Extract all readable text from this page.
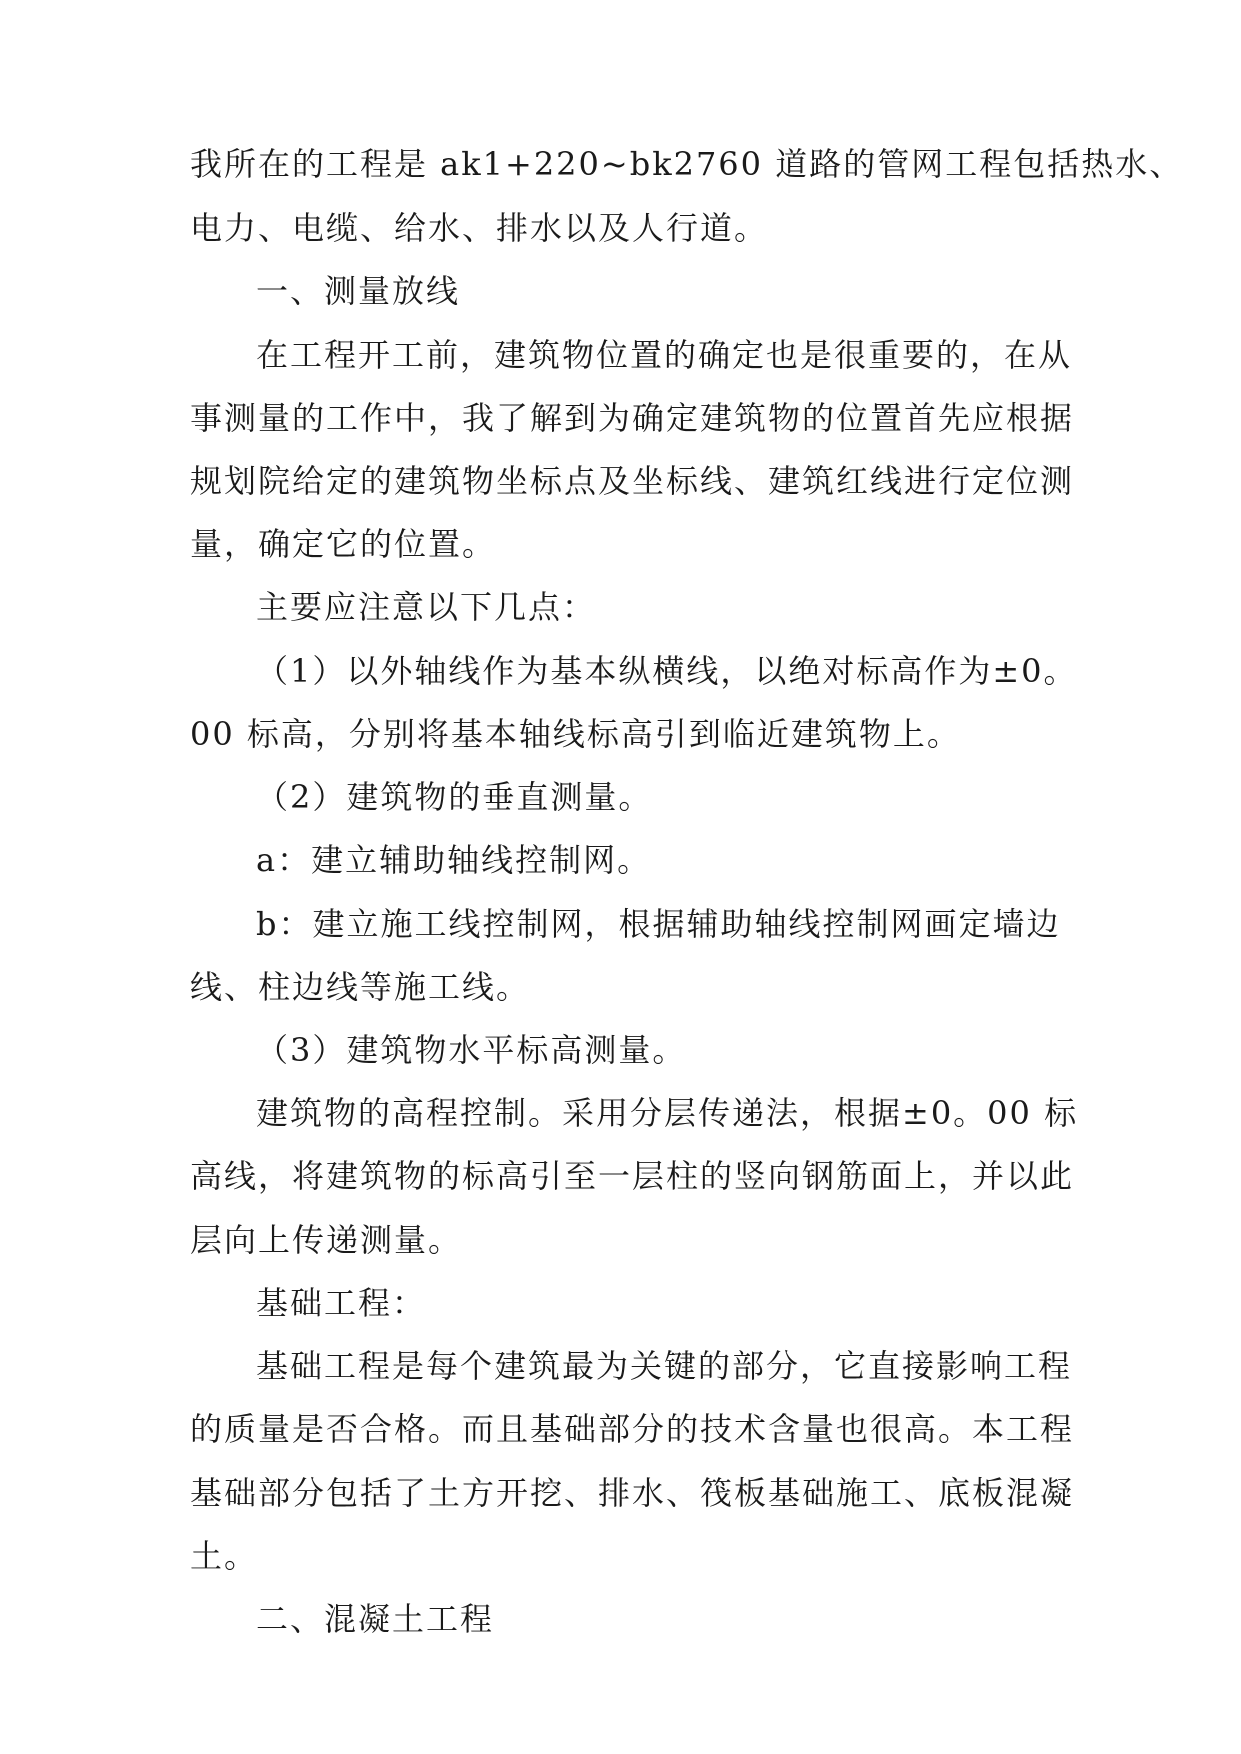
我所在的工程是 ak1+220~bk2760 道路的管网工程包括热水、

电力、电缆、给水、排水以及人行道。

一、测量放线

在工程开工前，建筑物位置的确定也是很重要的，在从

事测量的工作中，我了解到为确定建筑物的位置首先应根据

规划院给定的建筑物坐标点及坐标线、建筑红线进行定位测

量，确定它的位置。

主要应注意以下几点：

（1）以外轴线作为基本纵横线，以绝对标高作为±0。

00 标高，分别将基本轴线标高引到临近建筑物上。

（2）建筑物的垂直测量。

a：建立辅助轴线控制网。

b：建立施工线控制网，根据辅助轴线控制网画定墙边

线、柱边线等施工线。

（3）建筑物水平标高测量。

建筑物的高程控制。采用分层传递法，根据±0。00 标

高线，将建筑物的标高引至一层柱的竖向钢筋面上，并以此

层向上传递测量。

基础工程：

基础工程是每个建筑最为关键的部分，它直接影响工程

的质量是否合格。而且基础部分的技术含量也很高。本工程

基础部分包括了土方开挖、排水、筏板基础施工、底板混凝

土。

二、混凝土工程
